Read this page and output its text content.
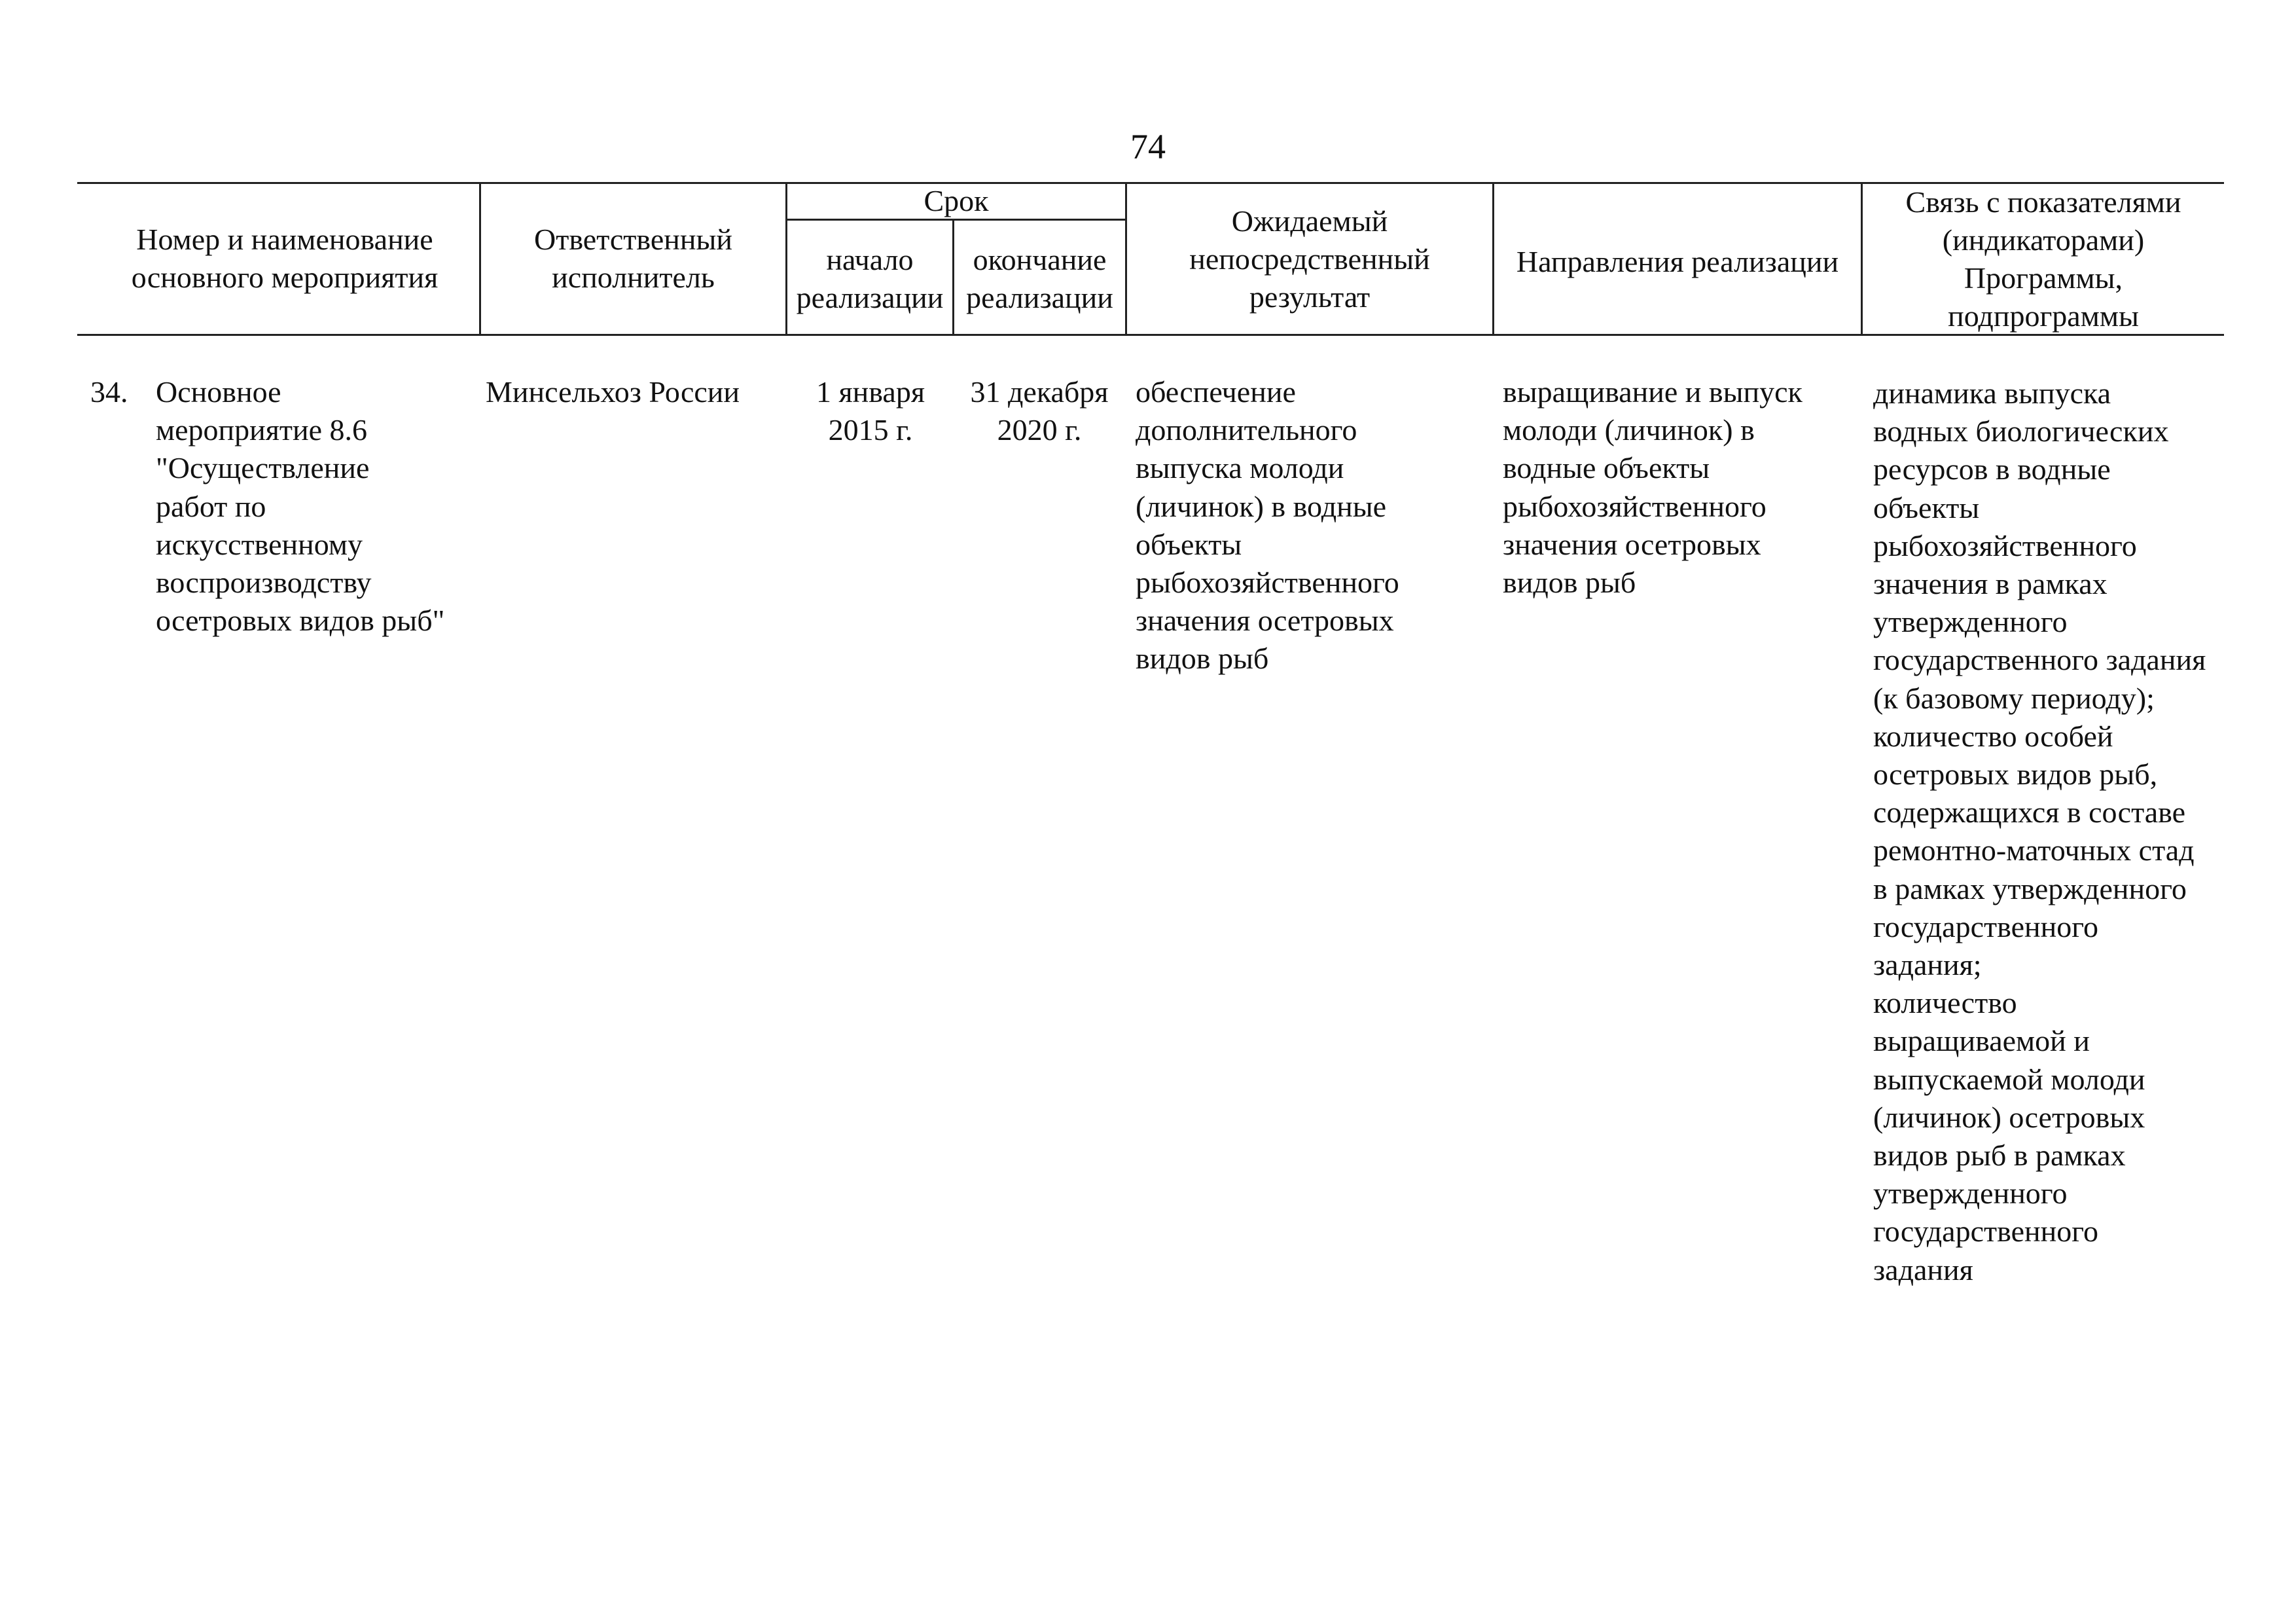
74
Номер и наименование
основного мероприятия
Ответственный
исполнитель
Срок
начало
реализации
окончание
реализации
Ожидаемый
непосредственный
результат
Направления реализации
Связь с показателями
(индикаторами)
Программы,
подпрограммы
34. Основное
мероприятие 8.6
"Осуществление
работ по
искусственному
воспроизводству
осетровых видов рыб"
Минсельхоз России	1 января
2015 г.
31 декабря
2020 г.
обеспечение
дополнительного
выпуска молоди
(личинок) в водные
объекты
рыбохозяйственного
значения осетровых
видов рыб
выращивание и выпуск
молоди (личинок) в
водные объекты
рыбохозяйственного
значения осетровых
видов рыб
динамика выпуска
водных биологических
ресурсов в водные
объекты
рыбохозяйственного
значения в рамках
утвержденного
государственного задания
(к базовому периоду);
количество особей
осетровых видов рыб,
содержащихся в составе
ремонтно-маточных стад
в рамках утвержденного
государственного
задания;
количество
выращиваемой и
выпускаемой молоди
(личинок) осетровых
видов рыб в рамках
утвержденного
государственного
задания
